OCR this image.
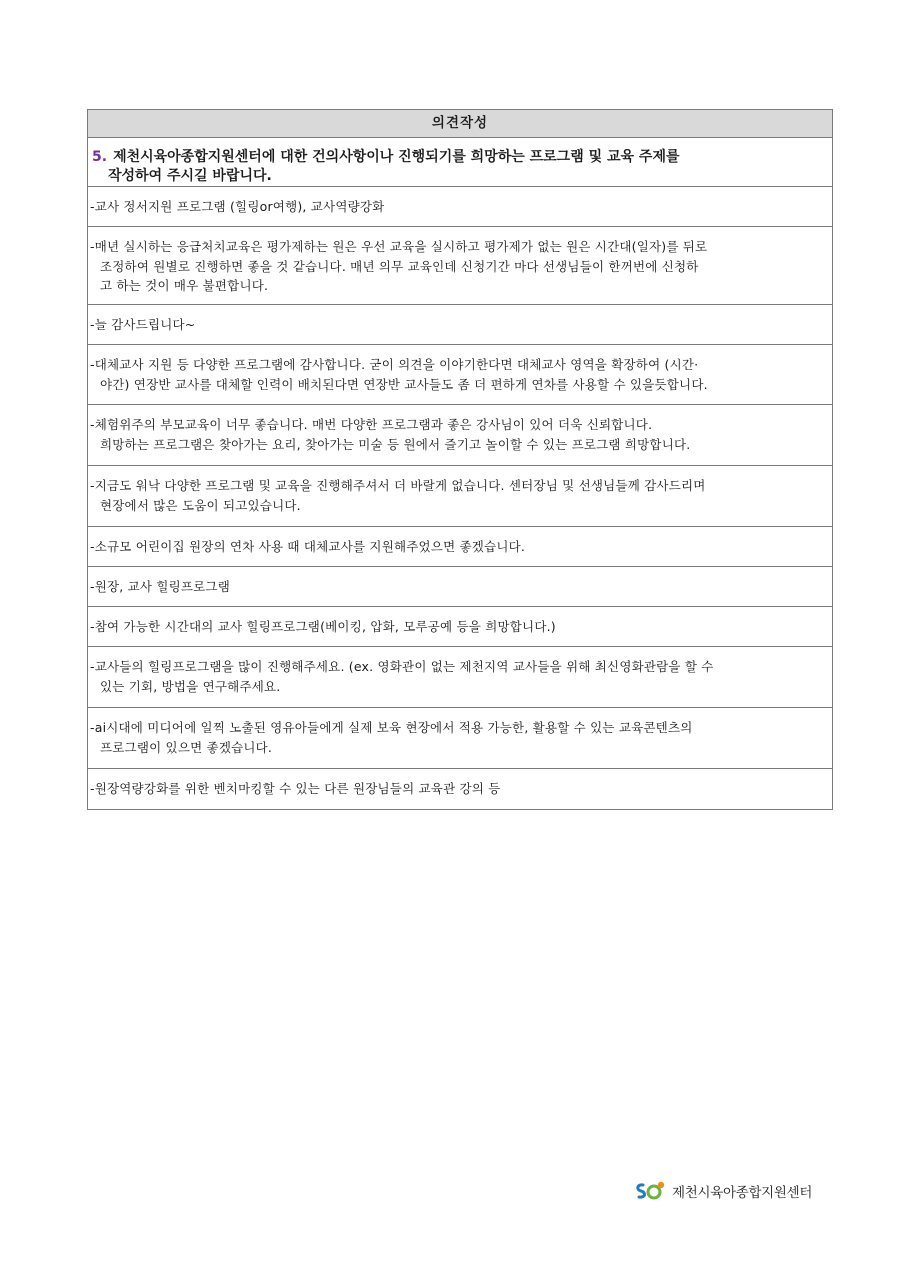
의견작성
5. 제천시육아종합지원센터에 대한 건의사항이나 진행되기를 희망하는 프로그램 및 교육 주제를
작성하여 주시길 바랍니다.
-교사 정서지원 프로그램 (힐링or여행), 교사역량강화
-매년 실시하는 응급처치교육은 평가제하는 원은 우선 교육을 실시하고 평가제가 없는 원은 시간대(일자)를 뒤로
조정하여 원별로 진행하면 좋을 것 같습니다. 매년 의무 교육인데 신청기간 마다 선생님들이 한꺼번에 신청하
고 하는 것이 매우 불편합니다.
-늘 감사드립니다~
-대체교사 지원 등 다양한 프로그램에 감사합니다. 굳이 의견을 이야기한다면 대체교사 영역을 확장하여 (시간·
야간) 연장반 교사를 대체할 인력이 배치된다면 연장반 교사들도 좀 더 편하게 연차를 사용할 수 있을듯합니다.
-체험위주의 부모교육이 너무 좋습니다. 매번 다양한 프로그램과 좋은 강사님이 있어 더욱 신뢰합니다.
희망하는 프로그램은 찾아가는 요리, 찾아가는 미술 등 원에서 즐기고 놀이할 수 있는 프로그램 희망합니다.
-지금도 워낙 다양한 프로그램 및 교육을 진행해주셔서 더 바랄게 없습니다. 센터장님 및 선생님들께 감사드리며
현장에서 많은 도움이 되고있습니다.
-소규모 어린이집 원장의 연차 사용 때 대체교사를 지원해주었으면 좋겠습니다.
-원장, 교사 힐링프로그램
-참여 가능한 시간대의 교사 힐링프로그램(베이킹, 압화, 모루공예 등을 희망합니다.)
-교사들의 힐링프로그램을 많이 진행해주세요. (ex. 영화관이 없는 제천지역 교사들을 위해 최신영화관람을 할 수
있는 기회, 방법을 연구해주세요.
-ai시대에 미디어에 일찍 노출된 영유아들에게 실제 보육 현장에서 적용 가능한, 활용할 수 있는 교육콘텐츠의
프로그램이 있으면 좋겠습니다.
-원장역량강화를 위한 벤치마킹할 수 있는 다른 원장님들의 교육관 강의 등
제천시육아종합지원센터
